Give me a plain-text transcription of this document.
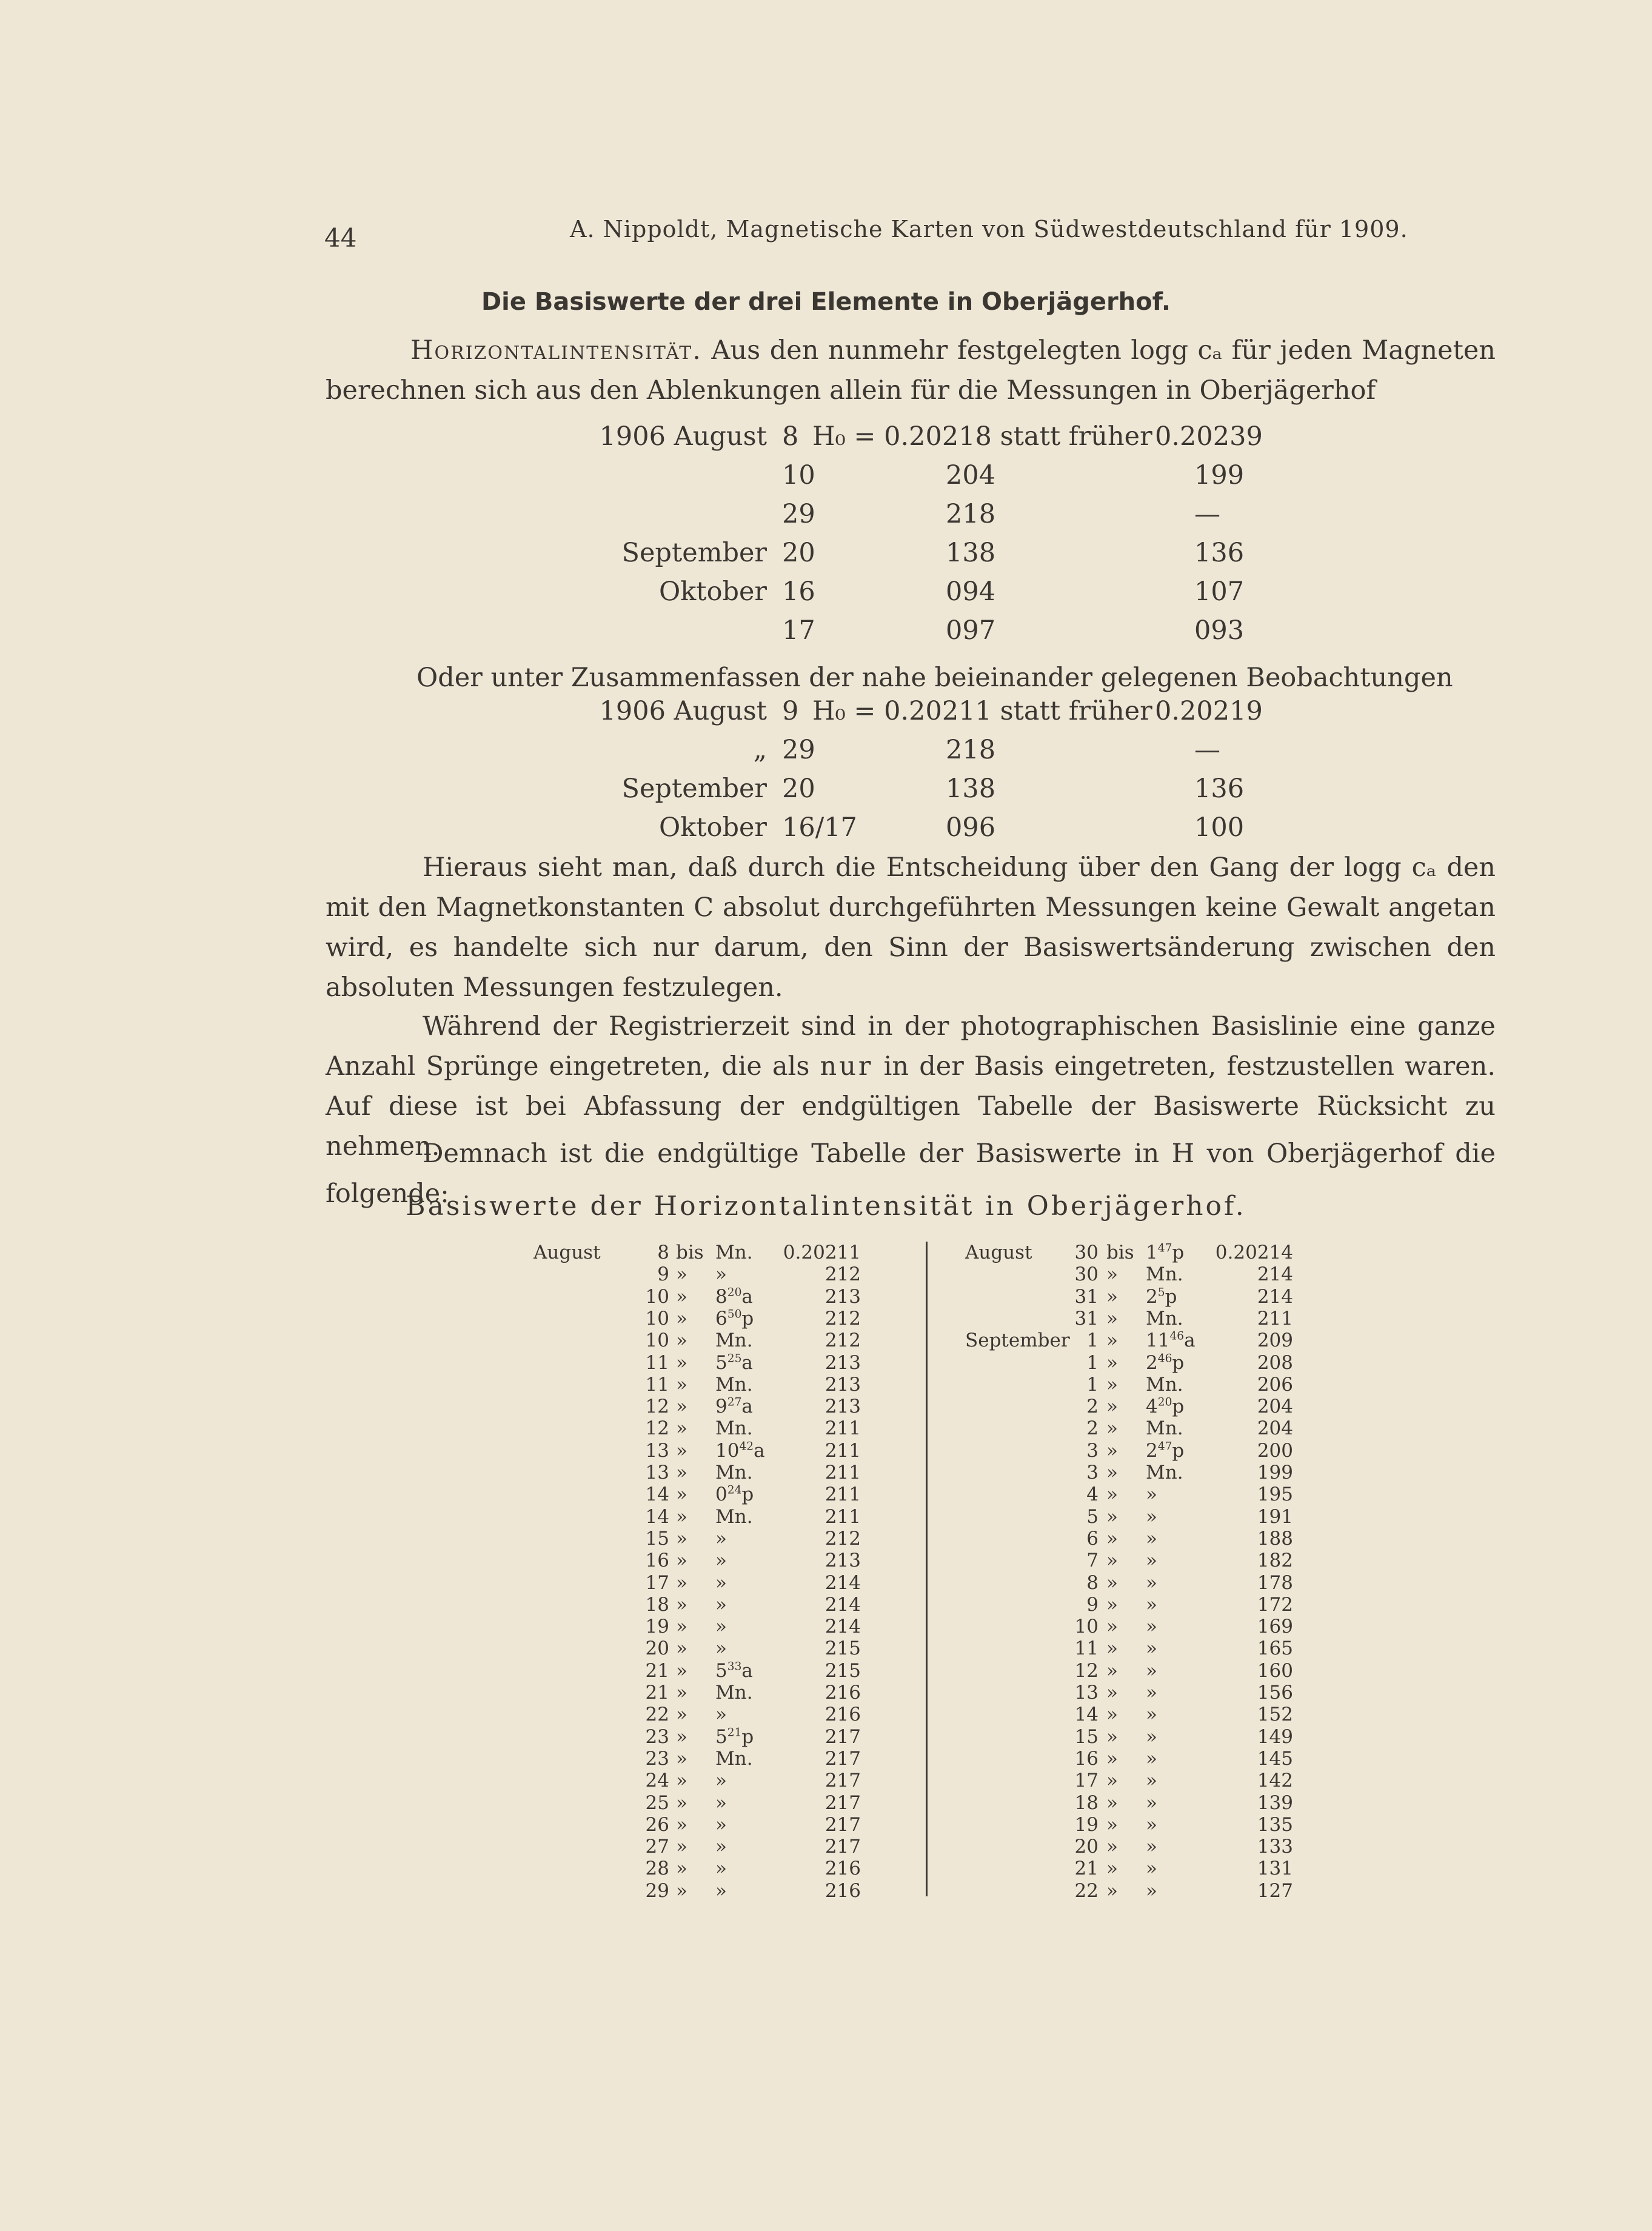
44	A. Nippoldt, Magnetische Karten von Südwestdeutschland für 1909.
Die Basiswerte der drei Elemente in Oberjägerhof.
Horizontalintensität. Aus den nunmehr festgelegten logg cₐ für jeden Magneten berechnen sich aus den Ablenkungen allein für die Messungen in Oberjägerhof
1906 August 8 H₀ = 0.20218 statt früher 0.20239
10	204	199
29	218	—
September 20	138	136
Oktober 16	094	107
17	097	093
Oder unter Zusammenfassen der nahe beieinander gelegenen Beobachtungen
1906 August 9 H₀ = 0.20211 statt früher 0.20219
„ 29	218	—
September 20	138	136
Oktober 16/17	096	100
Hieraus sieht man, daß durch die Entscheidung über den Gang der logg cₐ den mit den Magnetkonstanten C absolut durchgeführten Messungen keine Gewalt angetan wird, es handelte sich nur darum, den Sinn der Basiswertsänderung zwischen den absoluten Messungen festzulegen.
Während der Registrierzeit sind in der photographischen Basislinie eine ganze Anzahl Sprünge eingetreten, die als nur in der Basis eingetreten, festzustellen waren. Auf diese ist bei Abfassung der endgültigen Tabelle der Basiswerte Rücksicht zu nehmen.
Demnach ist die endgültige Tabelle der Basiswerte in H von Oberjägerhof die folgende:
Basiswerte der Horizontalintensität in Oberjägerhof.
August	8 bis Mn.	0.20211
9 » »	212
10 » $8^{20}a$	213
10 » $6^{50}p$	212
10 » Mn.	212
11 » $5^{25}a$	213
11 » Mn.	213
12 » $9^{27}a$	213
12 » Mn.	211
13 » $10^{42}a$	211
13 » Mn.	211
14 » $0^{24}p$	211
14 » Mn.	211
15 » »	212
16 » »	213
17 » »	214
18 » »	214
19 » »	214
20 » »	215
21 » $5^{33}a$	215
21 » Mn.	216
22 » »	216
23 » $5^{21}p$	217
23 » Mn.	217
24 » »	217
25 » »	217
26 » »	217
27 » »	217
28 » »	216
29 » »	216
August 30 bis $1^{47}p$	0.20214
30 » Mn.	214
31 » $2^5p$	214
31 » Mn.	211
September 1 » $11^{46}a$	209
1 » $2^{46}p$	208
1 » Mn.	206
2 » $4^{20}p$	204
2 » Mn.	204
3 » $2^{47}p$	200
3 » Mn.	199
4 » »	195
5 » »	191
6 » »	188
7 » »	182
8 » »	178
9 » »	172
10 » »	169
11 » »	165
12 » »	160
13 » »	156
14 » »	152
15 » »	149
16 » »	145
17 » »	142
18 » »	139
19 » »	135
20 » »	133
21 » »	131
22 » »	127
